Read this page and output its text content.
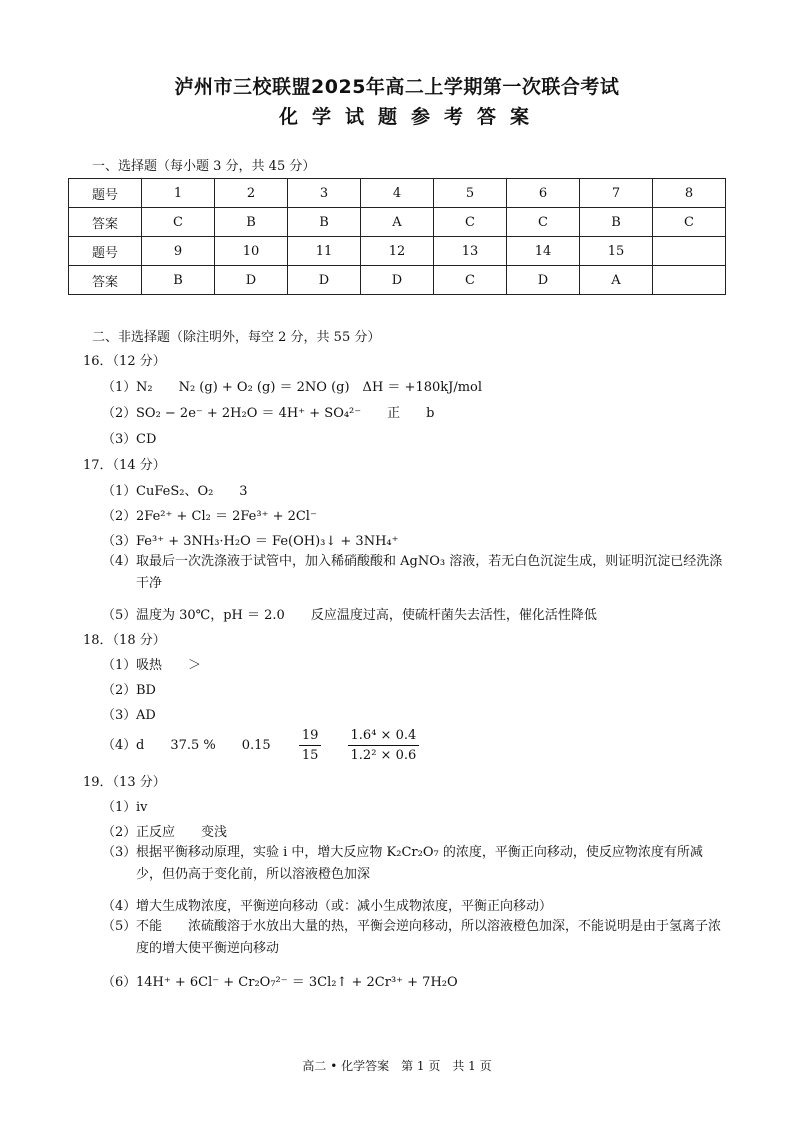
泸州市三校联盟2025年高二上学期第一次联合考试
化学试题参考答案
一、选择题（每小题 3 分，共 45 分）
题号	1	2	3	4	5	6	7	8
答案	C	B	B	A	C	C	B	C
题号	9	10	11	12	13	14	15	
答案	B	D	D	D	C	D	A	
二、非选择题（除注明外，每空 2 分，共 55 分）
16．（12 分）
（1）N₂　　N₂ (g) + O₂ (g) ＝ 2NO (g)　ΔH ＝ +180kJ/mol
（2）SO₂ − 2e⁻ + 2H₂O ＝ 4H⁺ + SO₄²⁻　　正　　b
（3）CD
17．（14 分）
（1）CuFeS₂、O₂　　3
（2）2Fe²⁺ + Cl₂ ＝ 2Fe³⁺ + 2Cl⁻
（3）Fe³⁺ + 3NH₃·H₂O ＝ Fe(OH)₃↓ + 3NH₄⁺
（4） 取最后一次洗涤液于试管中，加入稀硝酸酸和 AgNO₃ 溶液，若无白色沉淀生成，则证明沉淀已经洗涤干净
（5）温度为 30℃，pH ＝ 2.0　　反应温度过高，使硫杆菌失去活性，催化活性降低
18．（18 分）
（1）吸热　　＞
（2）BD
（3）AD
（4）d　　37.5 %　　$0.15 \frac{19}{15}$
$\frac{\text{1.6⁴ × 0.4}}{\text{1.2² × 0.6}}$
19．（13 分）
（1）iv
（2）正反应　　变浅
（3） 根据平衡移动原理，实验 i 中，增大反应物 K₂Cr₂O₇ 的浓度，平衡正向移动，使反应物浓度有所减少，但仍高于变化前，所以溶液橙色加深
（4）增大生成物浓度，平衡逆向移动（或：减小生成物浓度，平衡正向移动）
（5） 不能　　浓硫酸溶于水放出大量的热，平衡会逆向移动，所以溶液橙色加深，不能说明是由于氢离子浓度的增大使平衡逆向移动
（6）14H⁺ + 6Cl⁻ + Cr₂O₇²⁻ ＝ 3Cl₂↑ + 2Cr³⁺ + 7H₂O
高二 • 化学答案　第 1 页　共 1 页
